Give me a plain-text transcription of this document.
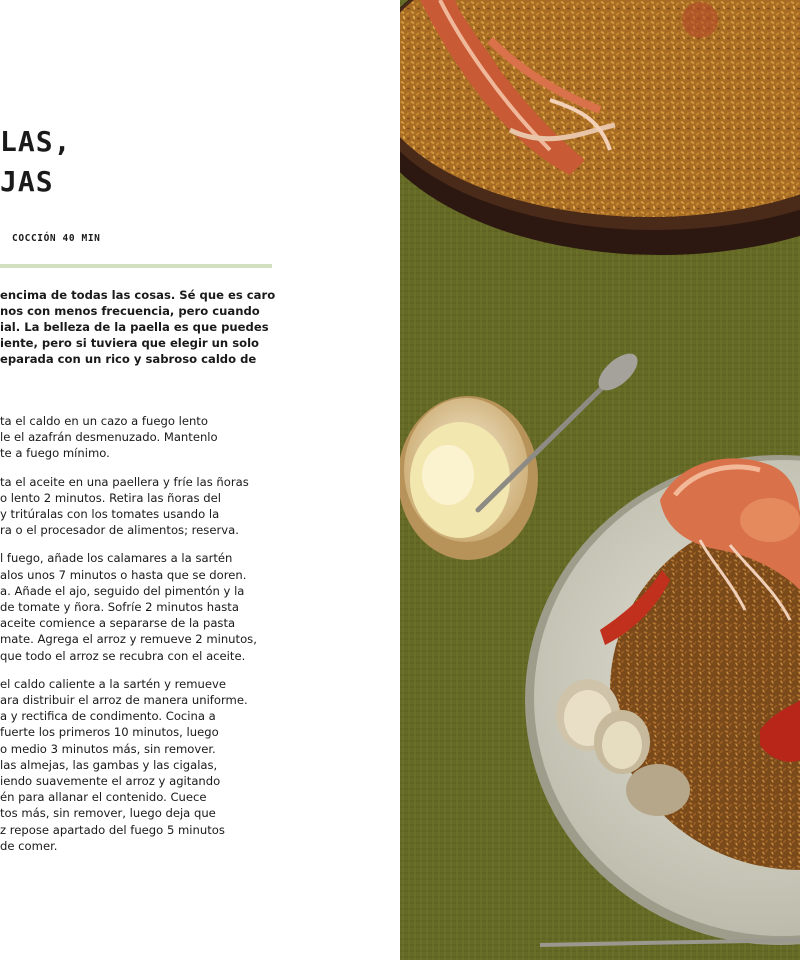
LAS,
JAS
COCCIÓN 40 MIN

encima de todas las cosas. Sé que es caro
nos con menos frecuencia, pero cuando
ial. La belleza de la paella es que puedes
iente, pero si tuviera que elegir un solo
eparada con un rico y sabroso caldo de

ta el caldo en un cazo a fuego lento
le el azafrán desmenuzado. Mantenlo
te a fuego mínimo.

ta el aceite en una paellera y fríe las ñoras
o lento 2 minutos. Retira las ñoras del
y tritúralas con los tomates usando la
ra o el procesador de alimentos; reserva.

l fuego, añade los calamares a la sartén
alos unos 7 minutos o hasta que se doren.
a. Añade el ajo, seguido del pimentón y la
de tomate y ñora. Sofríe 2 minutos hasta
aceite comience a separarse de la pasta
mate. Agrega el arroz y remueve 2 minutos,
que todo el arroz se recubra con el aceite.

el caldo caliente a la sartén y remueve
ara distribuir el arroz de manera uniforme.
a y rectifica de condimento. Cocina a
fuerte los primeros 10 minutos, luego
o medio 3 minutos más, sin remover.
las almejas, las gambas y las cigalas,
iendo suavemente el arroz y agitando
én para allanar el contenido. Cuece
tos más, sin remover, luego deja que
z repose apartado del fuego 5 minutos
de comer.
